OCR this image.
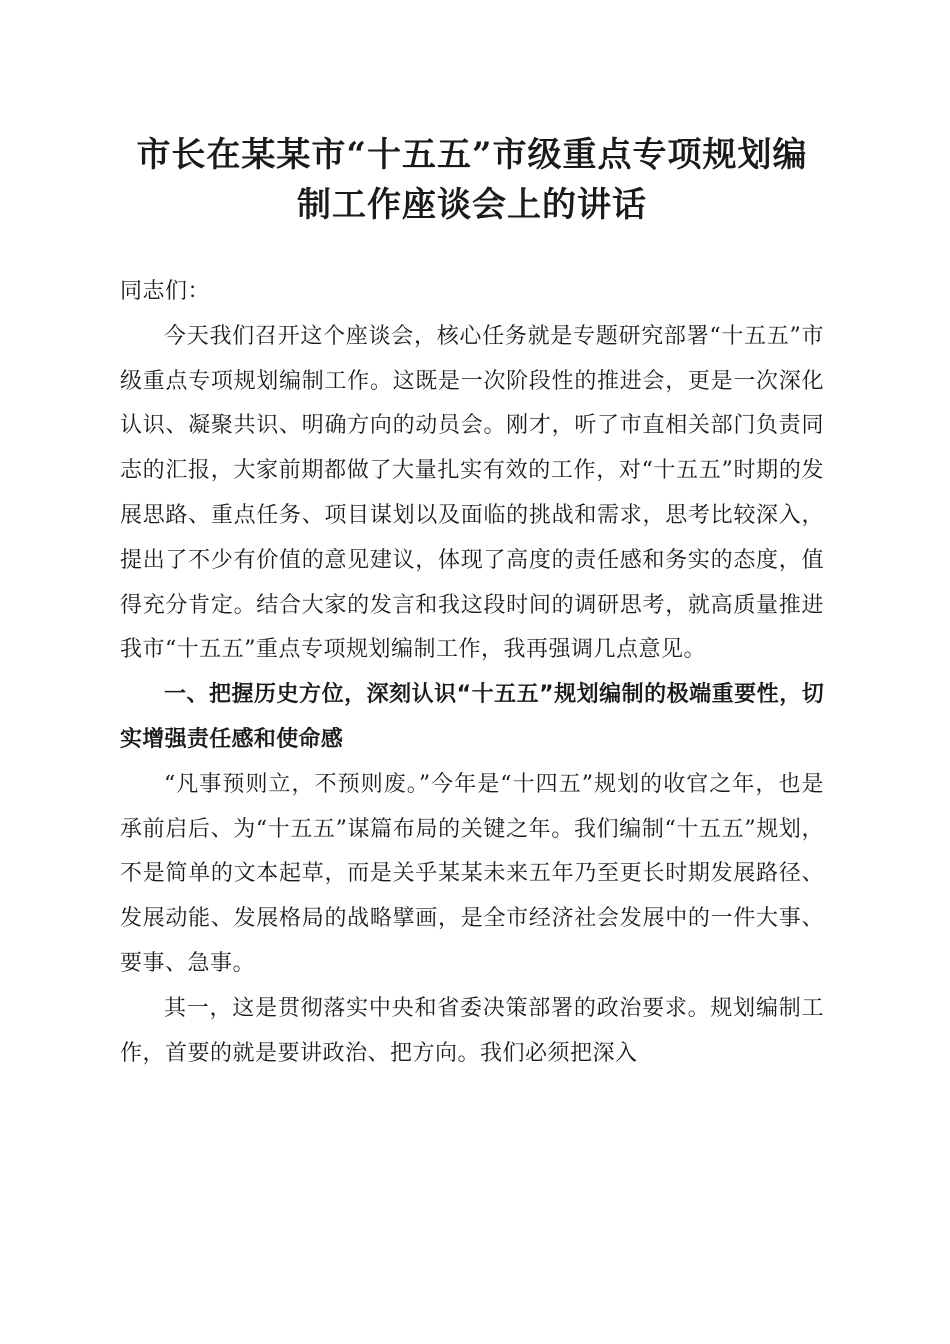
市长在某某市“十五五”市级重点专项规划编
制工作座谈会上的讲话

同志们：

今天我们召开这个座谈会，核心任务就是专题研究部署“十五五”市级重点专项规划编制工作。这既是一次阶段性的推进会，更是一次深化认识、凝聚共识、明确方向的动员会。刚才，听了市直相关部门负责同志的汇报，大家前期都做了大量扎实有效的工作，对“十五五”时期的发展思路、重点任务、项目谋划以及面临的挑战和需求，思考比较深入，提出了不少有价值的意见建议，体现了高度的责任感和务实的态度，值得充分肯定。结合大家的发言和我这段时间的调研思考，就高质量推进我市“十五五”重点专项规划编制工作，我再强调几点意见。

一、把握历史方位，深刻认识“十五五”规划编制的极端重要性，切实增强责任感和使命感

“凡事预则立，不预则废。”今年是“十四五”规划的收官之年，也是承前启后、为“十五五”谋篇布局的关键之年。我们编制“十五五”规划，不是简单的文本起草，而是关乎某某未来五年乃至更长时期发展路径、发展动能、发展格局的战略擘画，是全市经济社会发展中的一件大事、要事、急事。

其一，这是贯彻落实中央和省委决策部署的政治要求。规划编制工作，首要的就是要讲政治、把方向。我们必须把深入
